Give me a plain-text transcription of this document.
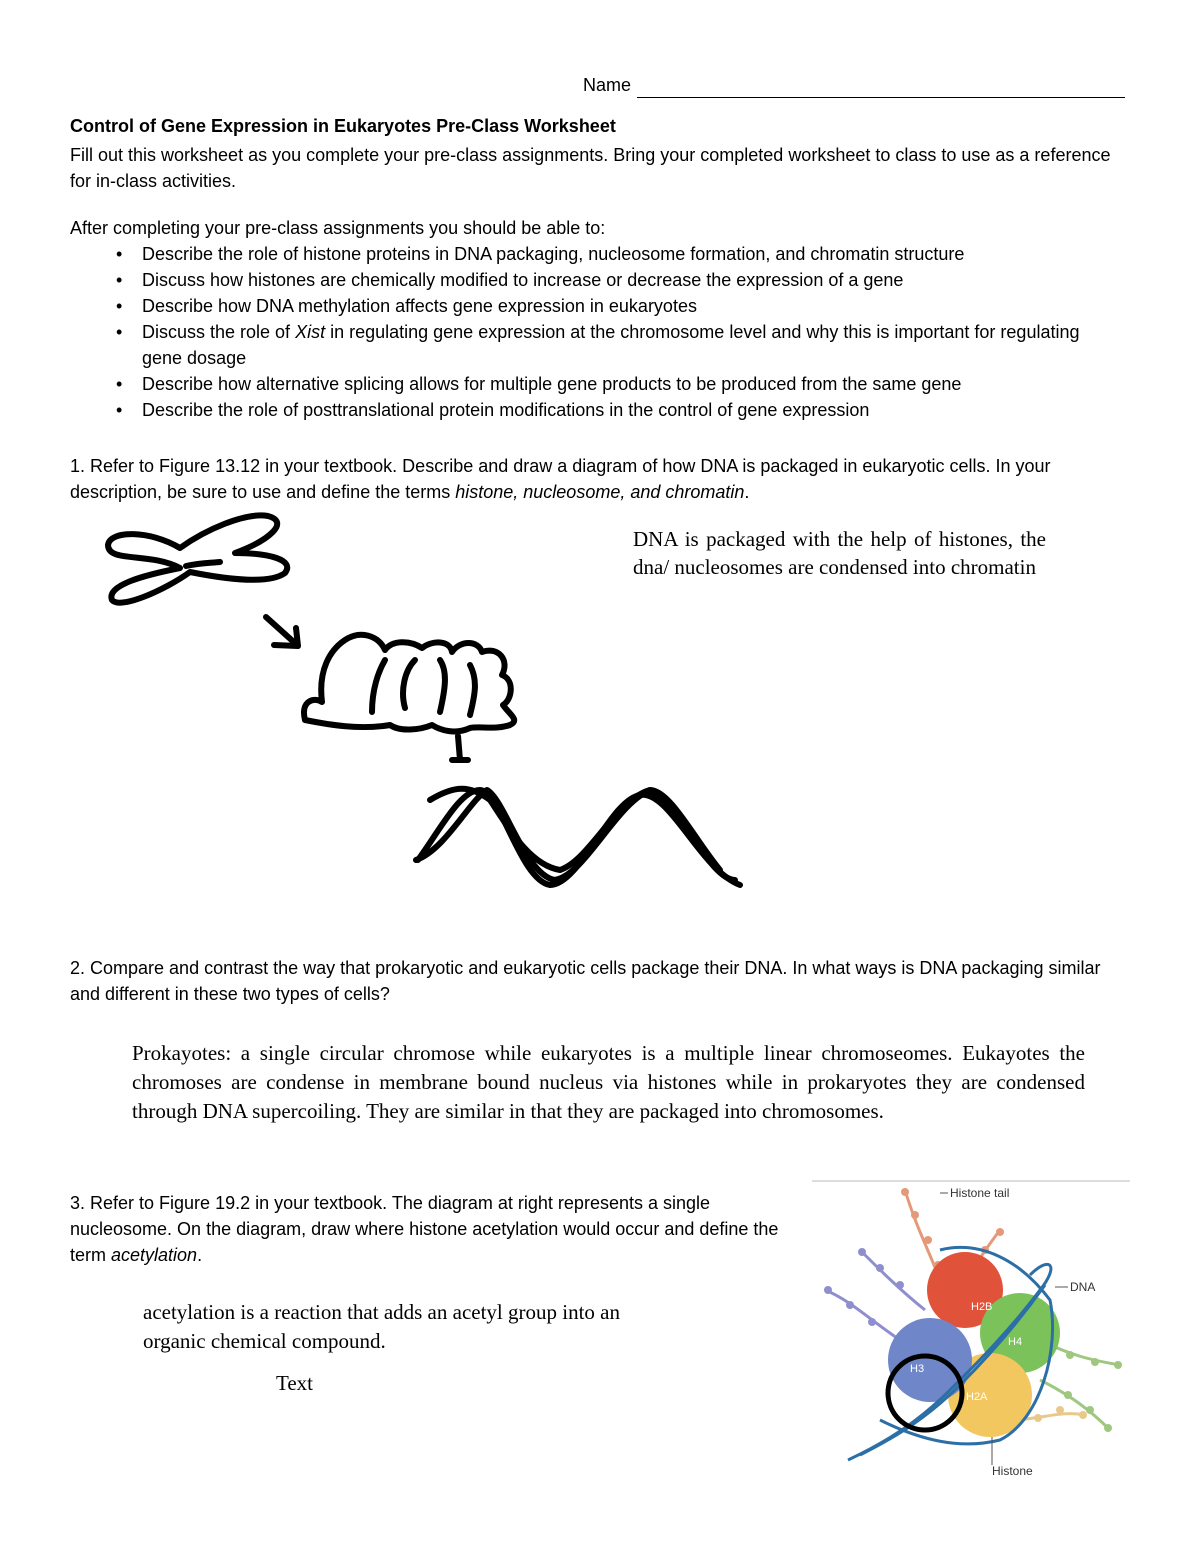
Name
Control of Gene Expression in Eukaryotes Pre-Class Worksheet
Fill out this worksheet as you complete your pre-class assignments. Bring your completed worksheet to class to use as a reference for in-class activities.
After completing your pre-class assignments you should be able to:
• Describe the role of histone proteins in DNA packaging, nucleosome formation, and chromatin structure
• Discuss how histones are chemically modified to increase or decrease the expression of a gene
• Describe how DNA methylation affects gene expression in eukaryotes
• Discuss the role of Xist in regulating gene expression at the chromosome level and why this is important for regulating gene dosage
• Describe how alternative splicing allows for multiple gene products to be produced from the same gene
• Describe the role of posttranslational protein modifications in the control of gene expression
1. Refer to Figure 13.12 in your textbook. Describe and draw a diagram of how DNA is packaged in eukaryotic cells. In your description, be sure to use and define the terms histone, nucleosome, and chromatin.
DNA is packaged with the help of histones, the dna/ nucleosomes are condensed into chromatin
2. Compare and contrast the way that prokaryotic and eukaryotic cells package their DNA. In what ways is DNA packaging similar and different in these two types of cells?
Prokayotes: a single circular chromose while eukaryotes is a multiple linear chromoseomes. Eukayotes the chromoses are condense in membrane bound nucleus via histones while in prokaryotes they are condensed through DNA supercoiling. They are similar in that they are packaged into chromosomes.
3. Refer to Figure 19.2 in your textbook. The diagram at right represents a single nucleosome. On the diagram, draw where histone acetylation would occur and define the term acetylation.
acetylation is a reaction that adds an acetyl group into an organic chemical compound.
Text
H2B
H4
H3
H2A
Histone tail
DNA
Histone
